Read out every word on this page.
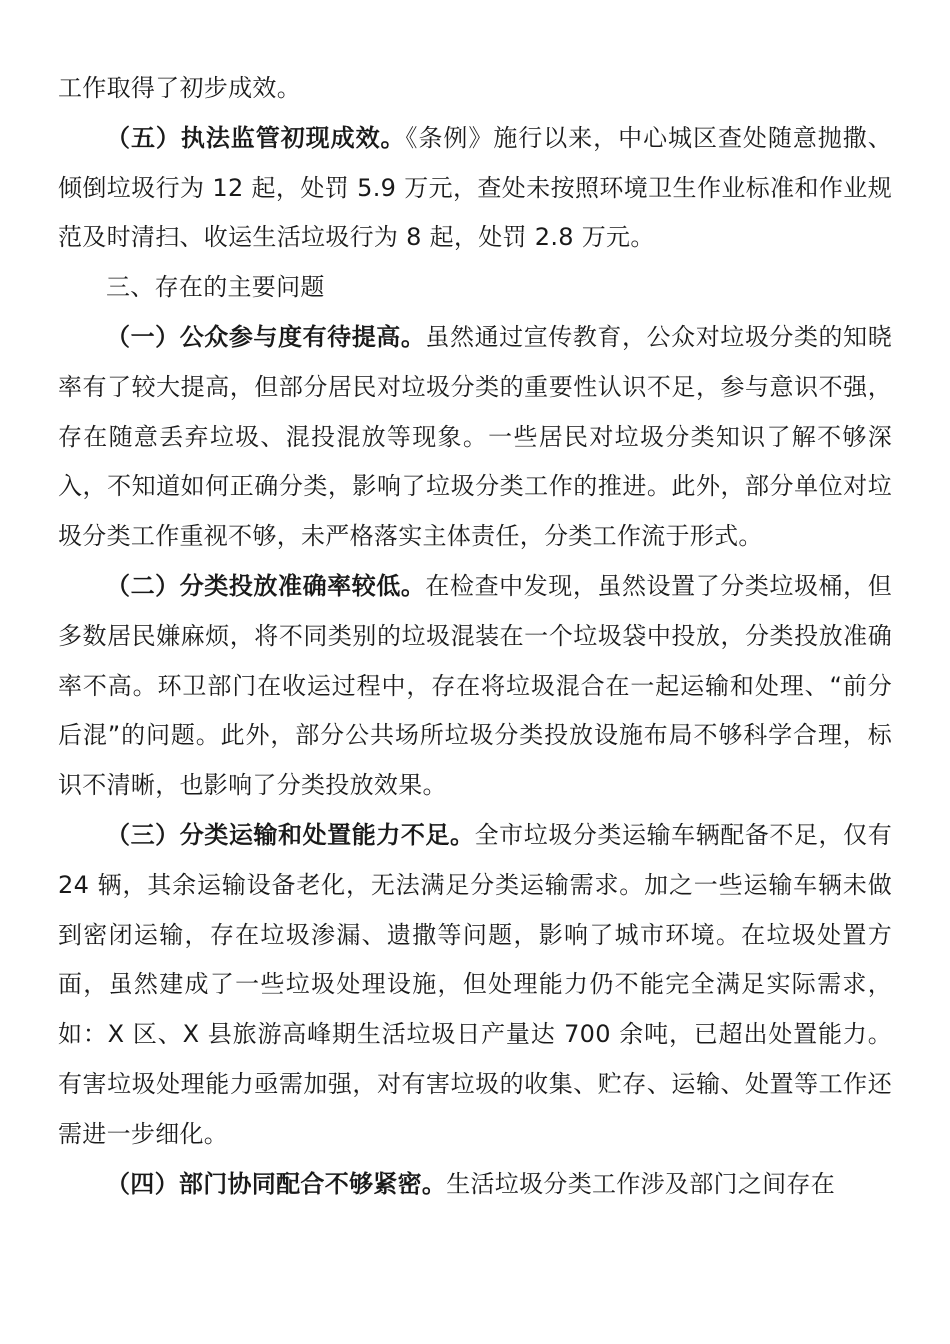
工作取得了初步成效。

（五）执法监管初现成效。《条例》施行以来，中心城区查处随意抛撒、倾倒垃圾行为 12 起，处罚 5.9 万元，查处未按照环境卫生作业标准和作业规范及时清扫、收运生活垃圾行为 8 起，处罚 2.8 万元。

三、存在的主要问题

（一）公众参与度有待提高。虽然通过宣传教育，公众对垃圾分类的知晓率有了较大提高，但部分居民对垃圾分类的重要性认识不足，参与意识不强，存在随意丢弃垃圾、混投混放等现象。一些居民对垃圾分类知识了解不够深入，不知道如何正确分类，影响了垃圾分类工作的推进。此外，部分单位对垃圾分类工作重视不够，未严格落实主体责任，分类工作流于形式。

（二）分类投放准确率较低。在检查中发现，虽然设置了分类垃圾桶，但多数居民嫌麻烦，将不同类别的垃圾混装在一个垃圾袋中投放，分类投放准确率不高。环卫部门在收运过程中，存在将垃圾混合在一起运输和处理、“前分后混”的问题。此外，部分公共场所垃圾分类投放设施布局不够科学合理，标识不清晰，也影响了分类投放效果。

（三）分类运输和处置能力不足。全市垃圾分类运输车辆配备不足，仅有 24 辆，其余运输设备老化，无法满足分类运输需求。加之一些运输车辆未做到密闭运输，存在垃圾渗漏、遗撒等问题，影响了城市环境。在垃圾处置方面，虽然建成了一些垃圾处理设施，但处理能力仍不能完全满足实际需求，如：X 区、X 县旅游高峰期生活垃圾日产量达 700 余吨，已超出处置能力。有害垃圾处理能力亟需加强，对有害垃圾的收集、贮存、运输、处置等工作还需进一步细化。

（四）部门协同配合不够紧密。生活垃圾分类工作涉及部门之间存在
